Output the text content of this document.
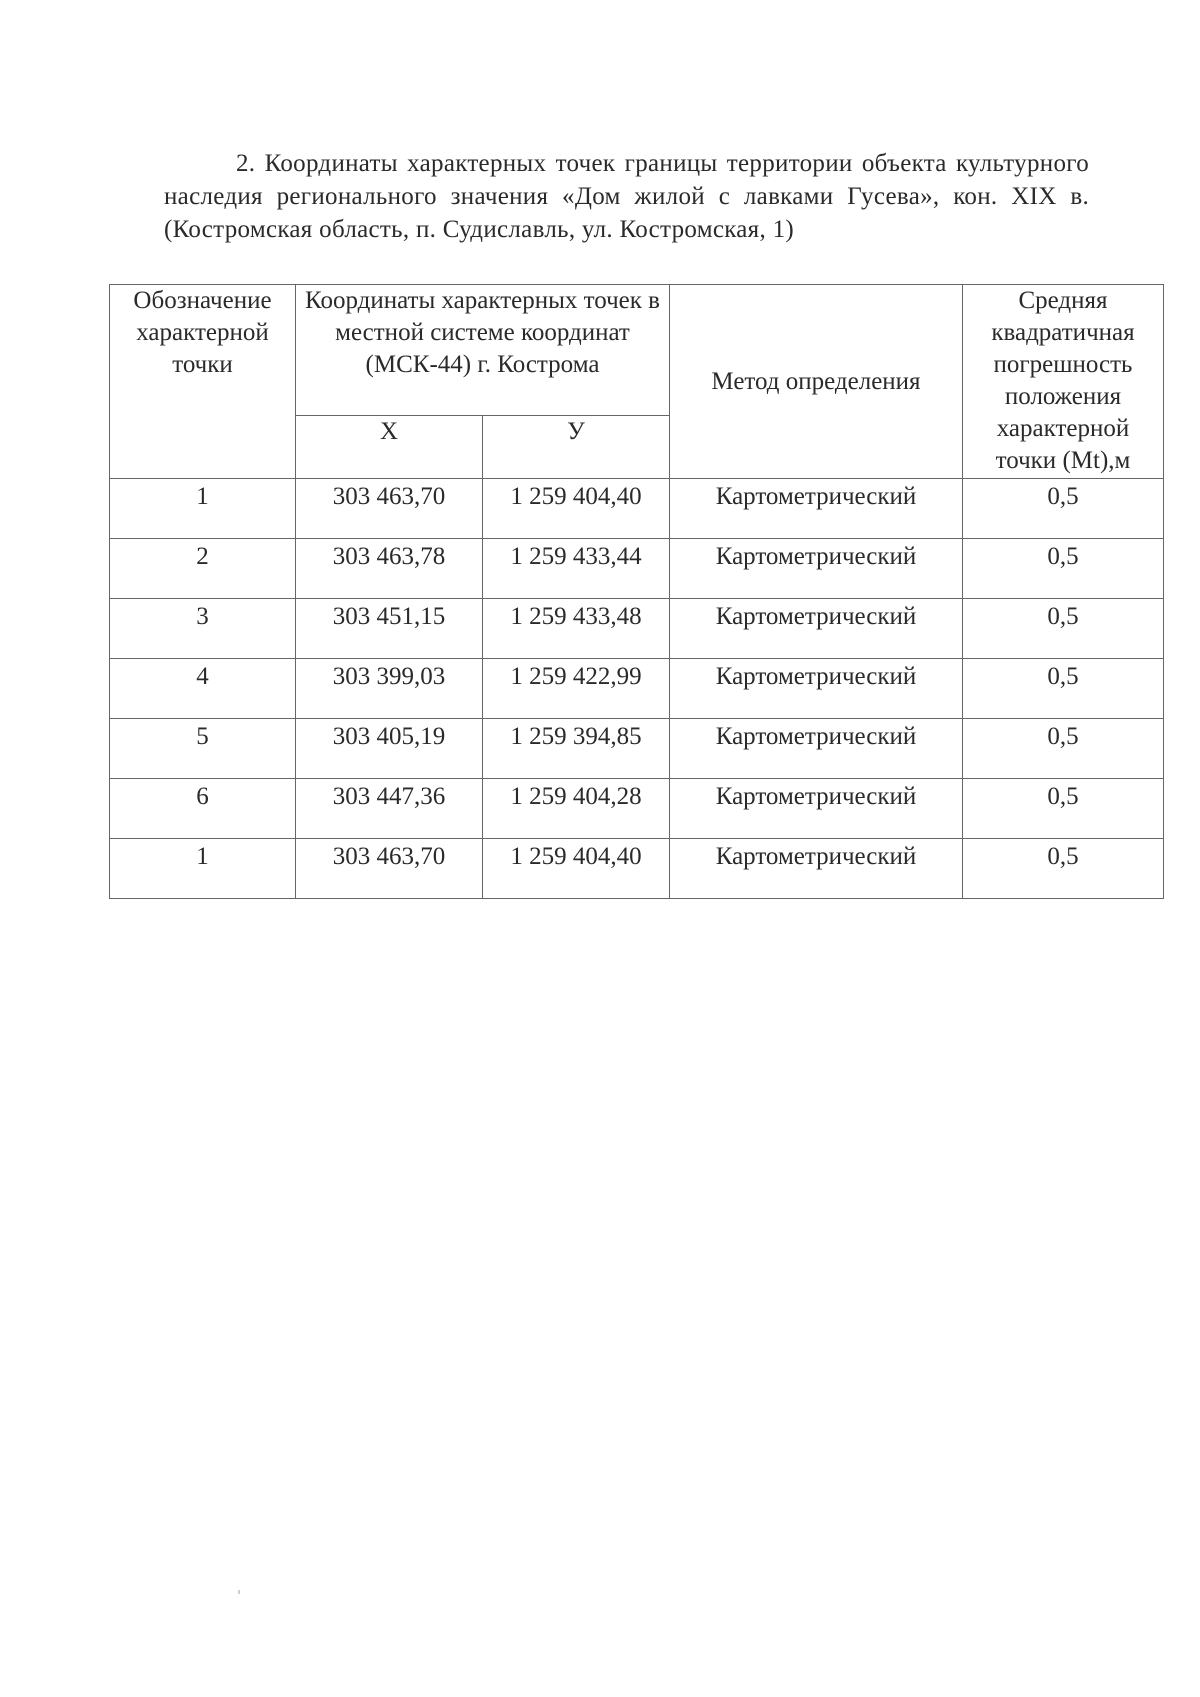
2. Координаты характерных точек границы территории объекта культурного наследия регионального значения «Дом жилой с лавками Гусева», кон. XIX в. (Костромская область, п. Судиславль, ул. Костромская, 1)

Обозначение характерной точки	Координаты характерных точек в местной системе координат (МСК-44) г. Кострома		Метод определения	Средняя квадратичная погрешность положения характерной точки (Mt),м
	Х	У		
1	303 463,70	1 259 404,40	Картометрический	0,5
2	303 463,78	1 259 433,44	Картометрический	0,5
3	303 451,15	1 259 433,48	Картометрический	0,5
4	303 399,03	1 259 422,99	Картометрический	0,5
5	303 405,19	1 259 394,85	Картометрический	0,5
6	303 447,36	1 259 404,28	Картометрический	0,5
1	303 463,70	1 259 404,40	Картометрический	0,5
